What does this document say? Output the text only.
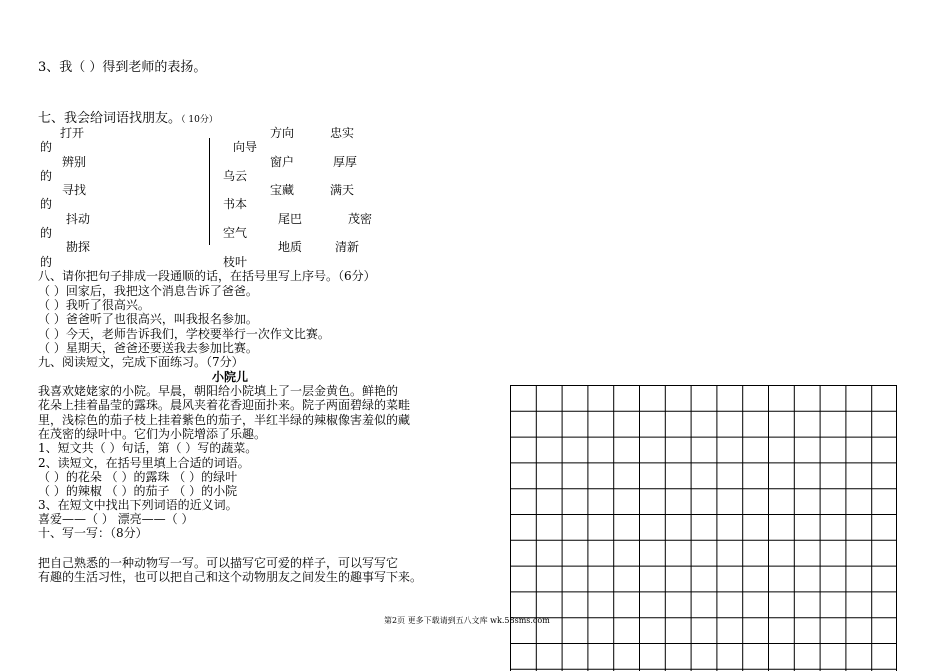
3、我（ ）得到老师的表扬。
七、我会给词语找朋友。（ 10分）
打开
辨别
寻找
抖动
勘探
的
的
的
的
的
向导
乌云
书本
空气
枝叶
方向
窗户
宝藏
尾巴
地质
忠实
厚厚
满天
茂密
清新
八、请你把句子排成一段通顺的话，在括号里写上序号。（6分）
（ ）回家后，我把这个消息告诉了爸爸。
（ ）我听了很高兴。
（ ）爸爸听了也很高兴，叫我报名参加。
（ ）今天，老师告诉我们，学校要举行一次作文比赛。
（ ）星期天，爸爸还要送我去参加比赛。
九、阅读短文，完成下面练习。（7分）
小院儿
我喜欢姥姥家的小院。早晨，朝阳给小院填上了一层金黄色。鲜艳的
花朵上挂着晶莹的露珠。晨风夹着花香迎面扑来。院子两面碧绿的菜畦
里，浅棕色的茄子枝上挂着紫色的茄子，半红半绿的辣椒像害羞似的藏
在茂密的绿叶中。它们为小院增添了乐趣。
1、短文共（ ）句话，第（ ）写的蔬菜。
2、读短文，在括号里填上合适的词语。
（ ）的花朵 （ ）的露珠 （ ）的绿叶
（ ）的辣椒 （ ）的茄子 （ ）的小院
3、在短文中找出下列词语的近义词。
喜爱——（ ） 漂亮——（ ）
十、写一写：（8分）
把自己熟悉的一种动物写一写。可以描写它可爱的样子，可以写写它
有趣的生活习性，也可以把自己和这个动物朋友之间发生的趣事写下来。
第2页 更多下载请到五八文库 wk.58sms.com
